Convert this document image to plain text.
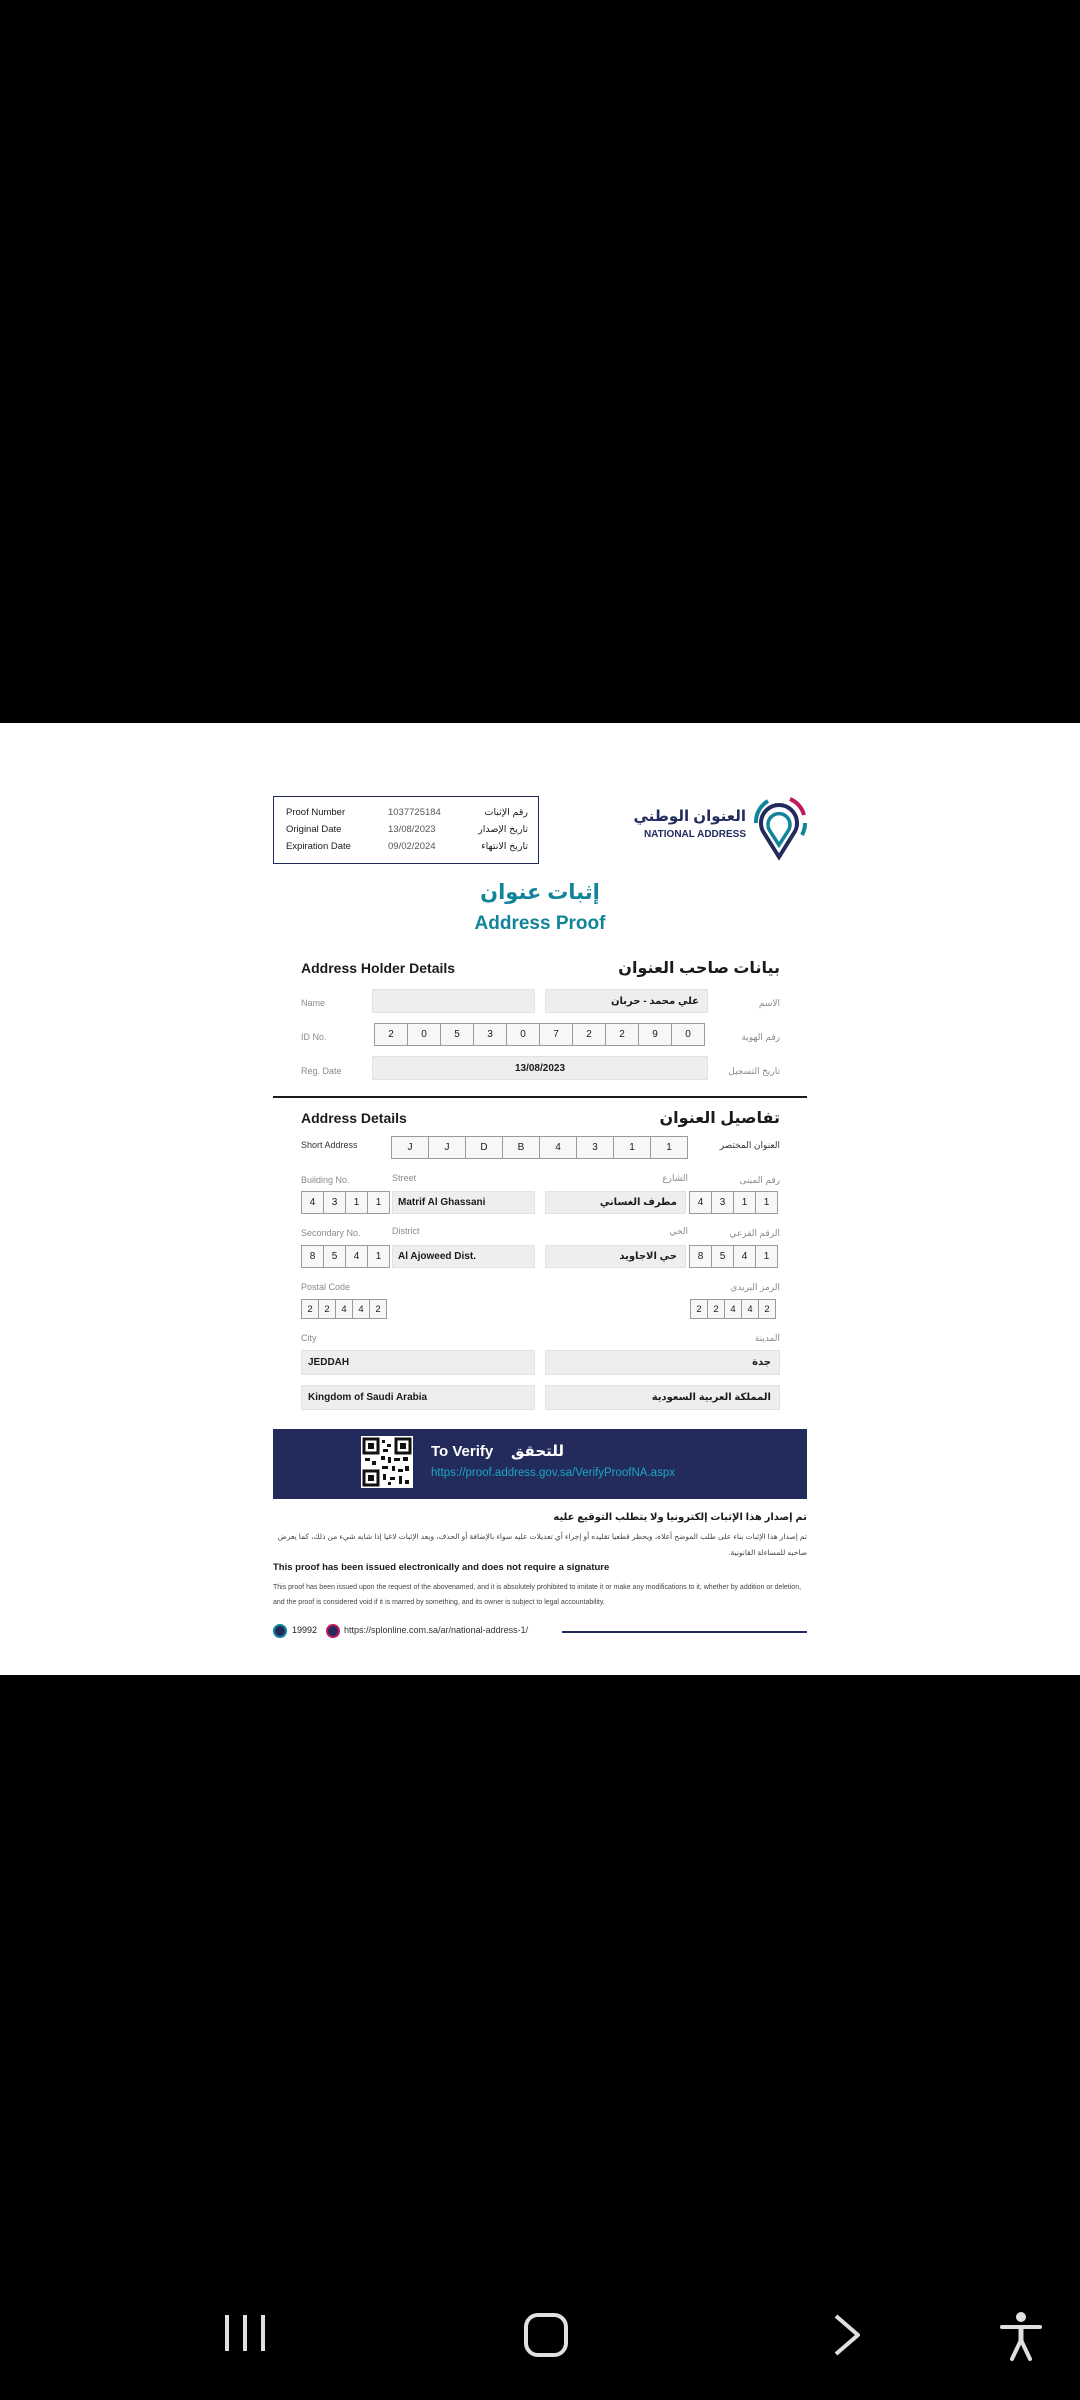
Proof Number	1037725184	رقم الإثبات
Original Date	13/08/2023	تاريخ الإصدار
Expiration Date	09/02/2024	تاريخ الانتهاء
العنوان الوطني
NATIONAL ADDRESS
إثبات عنوان
Address Proof
Address Holder Details	بيانات صاحب العنوان
Name	علي محمد - حربان	الاسم
ID No.	2	0	5	3	0	7	2	2	9	0	رقم الهوية
Reg. Date	13/08/2023	تاريخ التسجيل
Address Details	تفاصيل العنوان
Short Address	J	J	D	B	4	3	1	1	العنوان المختصر
Building No.	Street	الشارع	رقم المبنى
4	3	1	1	Matrif Al Ghassani	مطرف الغساني	4	3	1	1
Secondary No.	District	الحي	الرقم الفرعي
8	5	4	1	Al Ajoweed Dist.	حي الاجاويد	8	5	4	1
Postal Code	الرمز البريدي
2	2	4	4	2	2	2	4	4	2
City	المدينة
JEDDAH	جدة
Kingdom of Saudi Arabia	المملكة العربية السعودية
To Verify للتحقق
https://proof.address.gov.sa/VerifyProofNA.aspx
تم إصدار هذا الإثبات إلكترونيا ولا يتطلب التوقيع عليه
تم إصدار هذا الإثبات بناء على طلب الموضح أعلاه، ويحظر قطعيا تقليده أو إجراء أي تعديلات عليه سواء بالإضافة أو الحذف، ويعد الإثبات لاغيا إذا شابه شيء من ذلك، كما يعرض صاحبه للمساءلة القانونية.
This proof has been issued electronically and does not require a signature
This proof has been issued upon the request of the abovenamed, and it is absolutely prohibited to imitate it or make any modifications to it, whether by addition or deletion, and the proof is considered void if it is marred by something, and its owner is subject to legal accountability.
19992	https://splonline.com.sa/ar/national-address-1/
